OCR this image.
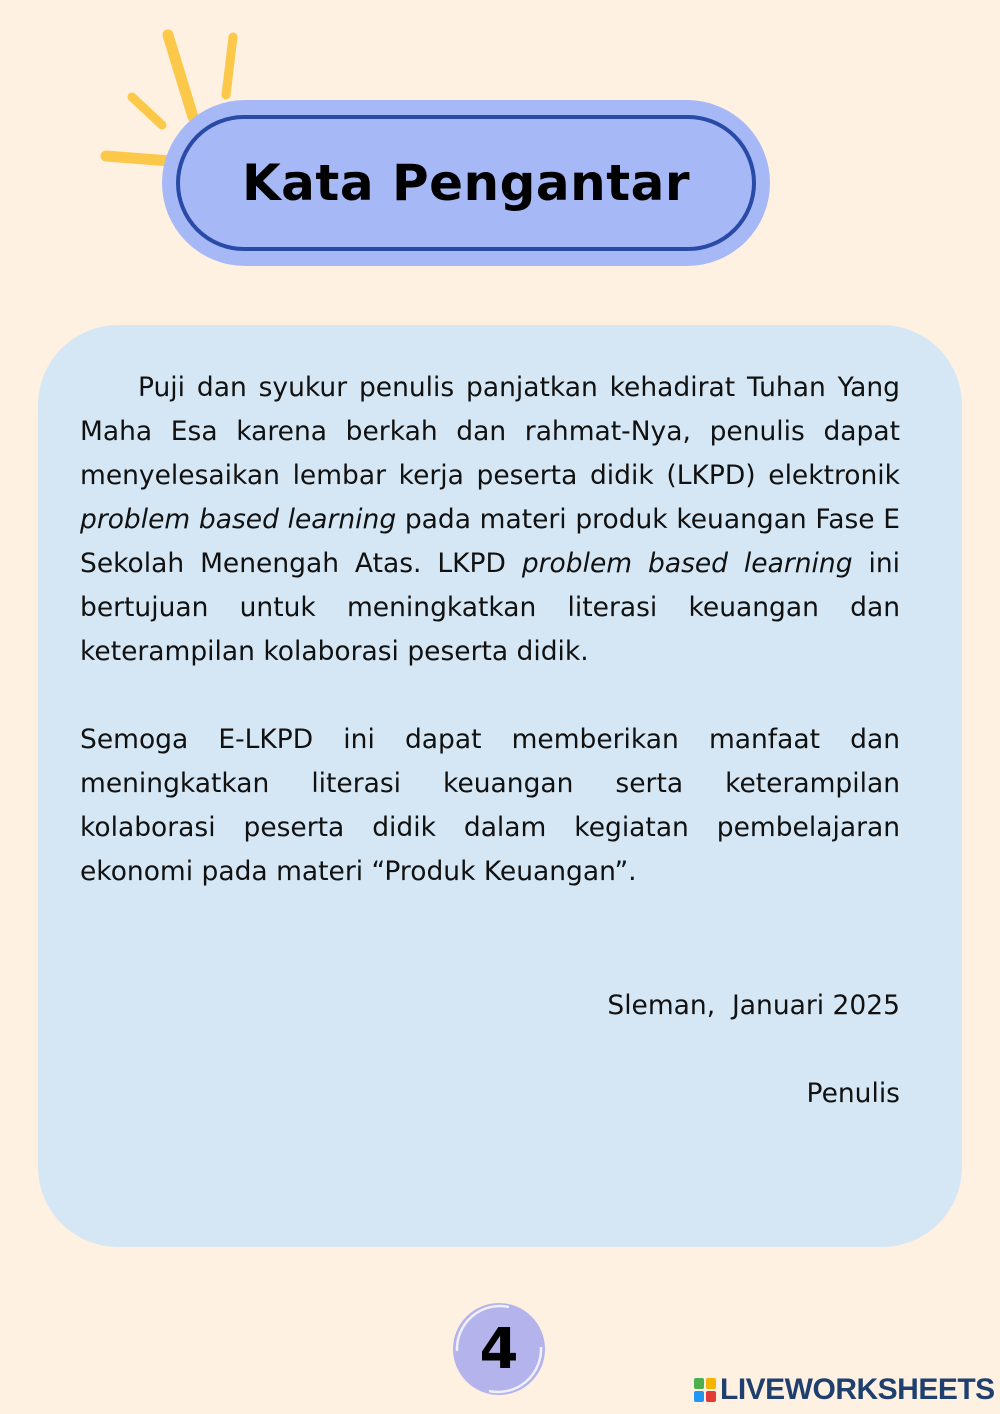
Kata Pengantar

Puji dan syukur penulis panjatkan kehadirat Tuhan Yang Maha Esa karena berkah dan rahmat-Nya, penulis dapat menyelesaikan lembar kerja peserta didik (LKPD) elektronik problem based learning pada materi produk keuangan Fase E Sekolah Menengah Atas. LKPD problem based learning ini bertujuan untuk meningkatkan literasi keuangan dan keterampilan kolaborasi peserta didik.

Semoga E-LKPD ini dapat memberikan manfaat dan meningkatkan literasi keuangan serta keterampilan kolaborasi peserta didik dalam kegiatan pembelajaran ekonomi pada materi “Produk Keuangan”.

Sleman,  Januari 2025
Penulis
4
LIVEWORKSHEETS
